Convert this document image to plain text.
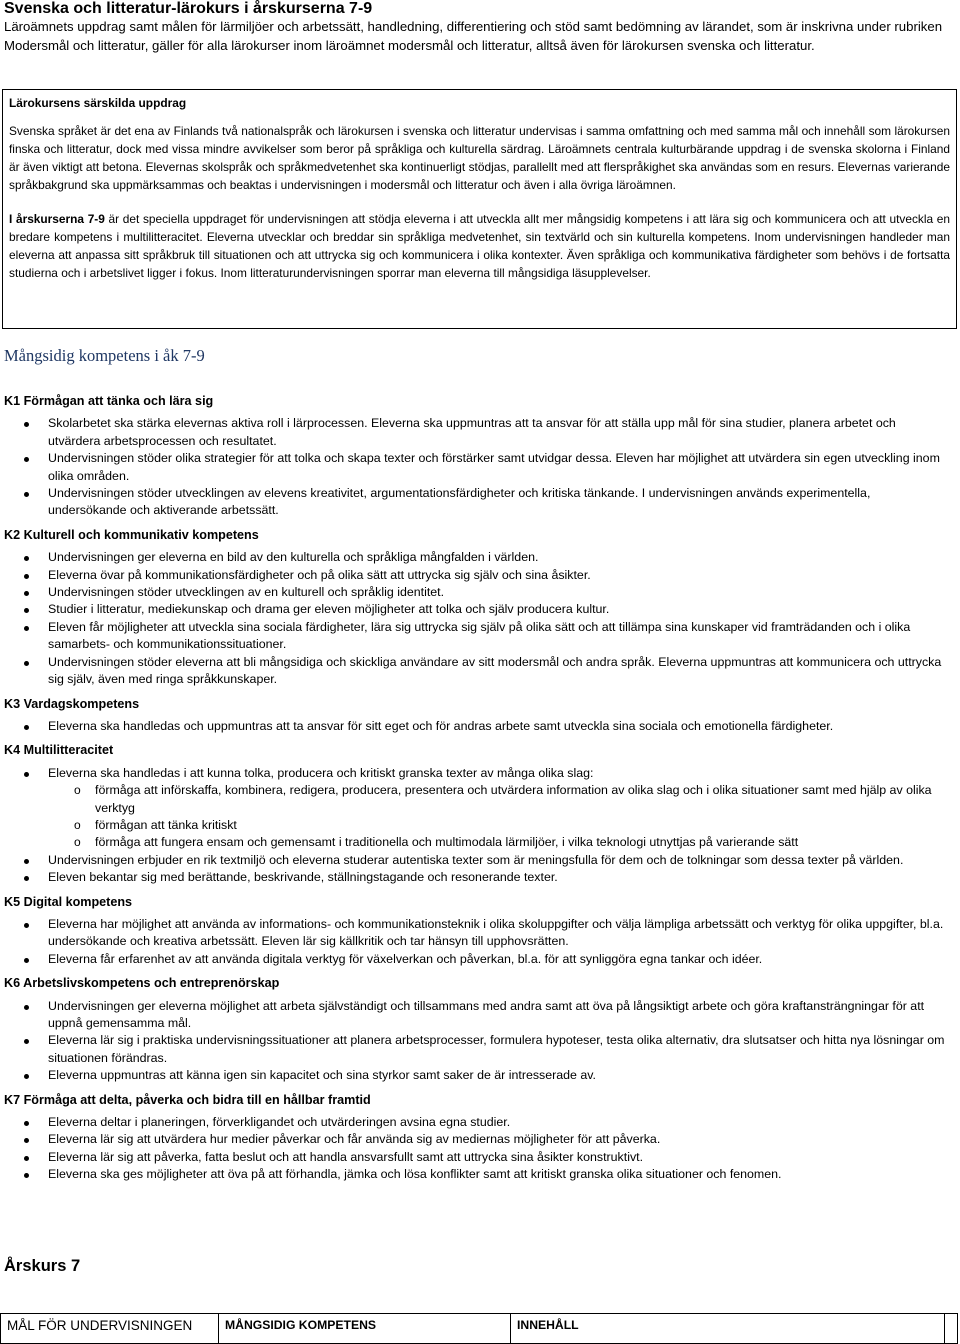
Svenska och litteratur-lärokurs i årskurserna 7-9
Läroämnets uppdrag samt målen för lärmiljöer och arbetssätt, handledning, differentiering och stöd samt bedömning av lärandet, som är inskrivna under rubriken Modersmål och litteratur, gäller för alla lärokurser inom läroämnet modersmål och litteratur, alltså även för lärokursen svenska och litteratur.
Lärokursens särskilda uppdrag

Svenska språket är det ena av Finlands två nationalspråk och lärokursen i svenska och litteratur undervisas i samma omfattning och med samma mål och innehåll som lärokursen finska och litteratur, dock med vissa mindre avvikelser som beror på språkliga och kulturella särdrag. Läroämnets centrala kulturbärande uppdrag i de svenska skolorna i Finland är även viktigt att betona. Elevernas skolspråk och språkmedvetenhet ska kontinuerligt stödjas, parallellt med att flerspråkighet ska användas som en resurs. Elevernas varierande språkbakgrund ska uppmärksammas och beaktas i undervisningen i modersmål och litteratur och även i alla övriga läroämnen.

I årskurserna 7-9 är det speciella uppdraget för undervisningen att stödja eleverna i att utveckla allt mer mångsidig kompetens i att lära sig och kommunicera och att utveckla en bredare kompetens i multilitteracitet. Eleverna utvecklar och breddar sin språkliga medvetenhet, sin textvärld och sin kulturella kompetens. Inom undervisningen handleder man eleverna att anpassa sitt språkbruk till situationen och att uttrycka sig och kommunicera i olika kontexter. Även språkliga och kommunikativa färdigheter som behövs i de fortsatta studierna och i arbetslivet ligger i fokus. Inom litteraturundervisningen sporrar man eleverna till mångsidiga läsupplevelser.

Mångsidig kompetens i åk 7-9
K1 Förmågan att tänka och lära sig
Skolarbetet ska stärka elevernas aktiva roll i lärprocessen. Eleverna ska uppmuntras att ta ansvar för att ställa upp mål för sina studier, planera arbetet och utvärdera arbetsprocessen och resultatet.
Undervisningen stöder olika strategier för att tolka och skapa texter och förstärker samt utvidgar dessa. Eleven har möjlighet att utvärdera sin egen utveckling inom olika områden.
Undervisningen stöder utvecklingen av elevens kreativitet, argumentationsfärdigheter och kritiska tänkande. I undervisningen används experimentella, undersökande och aktiverande arbetssätt.
K2 Kulturell och kommunikativ kompetens
Undervisningen ger eleverna en bild av den kulturella och språkliga mångfalden i världen.
Eleverna övar på kommunikationsfärdigheter och på olika sätt att uttrycka sig själv och sina åsikter.
Undervisningen stöder utvecklingen av en kulturell och språklig identitet.
Studier i litteratur, mediekunskap och drama ger eleven möjligheter att tolka och själv producera kultur.
Eleven får möjligheter att utveckla sina sociala färdigheter, lära sig uttrycka sig själv på olika sätt och att tillämpa sina kunskaper vid framträdanden och i olika samarbets- och kommunikationssituationer.
Undervisningen stöder eleverna att bli mångsidiga och skickliga användare av sitt modersmål och andra språk. Eleverna uppmuntras att kommunicera och uttrycka sig själv, även med ringa språkkunskaper.
K3 Vardagskompetens
Eleverna ska handledas och uppmuntras att ta ansvar för sitt eget och för andras arbete samt utveckla sina sociala och emotionella färdigheter.
K4 Multilitteracitet
Eleverna ska handledas i att kunna tolka, producera och kritiskt granska texter av många olika slag:
o förmåga att införskaffa, kombinera, redigera, producera, presentera och utvärdera information av olika slag och i olika situationer samt med hjälp av olika verktyg
o förmågan att tänka kritiskt
o förmåga att fungera ensam och gemensamt i traditionella och multimodala lärmiljöer, i vilka teknologi utnyttjas på varierande sätt
Undervisningen erbjuder en rik textmiljö och eleverna studerar autentiska texter som är meningsfulla för dem och de tolkningar som dessa texter på världen.
Eleven bekantar sig med berättande, beskrivande, ställningstagande och resonerande texter.
K5 Digital kompetens
Eleverna har möjlighet att använda av informations- och kommunikationsteknik i olika skoluppgifter och välja lämpliga arbetssätt och verktyg för olika uppgifter, bl.a. undersökande och kreativa arbetssätt. Eleven lär sig källkritik och tar hänsyn till upphovsrätten.
Eleverna får erfarenhet av att använda digitala verktyg för växelverkan och påverkan, bl.a. för att synliggöra egna tankar och idéer.
K6 Arbetslivskompetens och entreprenörskap
Undervisningen ger eleverna möjlighet att arbeta självständigt och tillsammans med andra samt att öva på långsiktigt arbete och göra kraftansträngningar för att uppnå gemensamma mål.
Eleverna lär sig i praktiska undervisningssituationer att planera arbetsprocesser, formulera hypoteser, testa olika alternativ, dra slutsatser och hitta nya lösningar om situationen förändras.
Eleverna uppmuntras att känna igen sin kapacitet och sina styrkor samt saker de är intresserade av.
K7 Förmåga att delta, påverka och bidra till en hållbar framtid
Eleverna deltar i planeringen, förverkligandet och utvärderingen avsina egna studier.
Eleverna lär sig att utvärdera hur medier påverkar och får använda sig av mediernas möjligheter för att påverka.
Eleverna lär sig att påverka, fatta beslut och att handla ansvarsfullt samt att uttrycka sina åsikter konstruktivt.
Eleverna ska ges möjligheter att öva på att förhandla, jämka och lösa konflikter samt att kritiskt granska olika situationer och fenomen.
Årskurs 7
MÅL FÖR UNDERVISNINGEN	MÅNGSIDIG KOMPETENS	INNEHÅLL
